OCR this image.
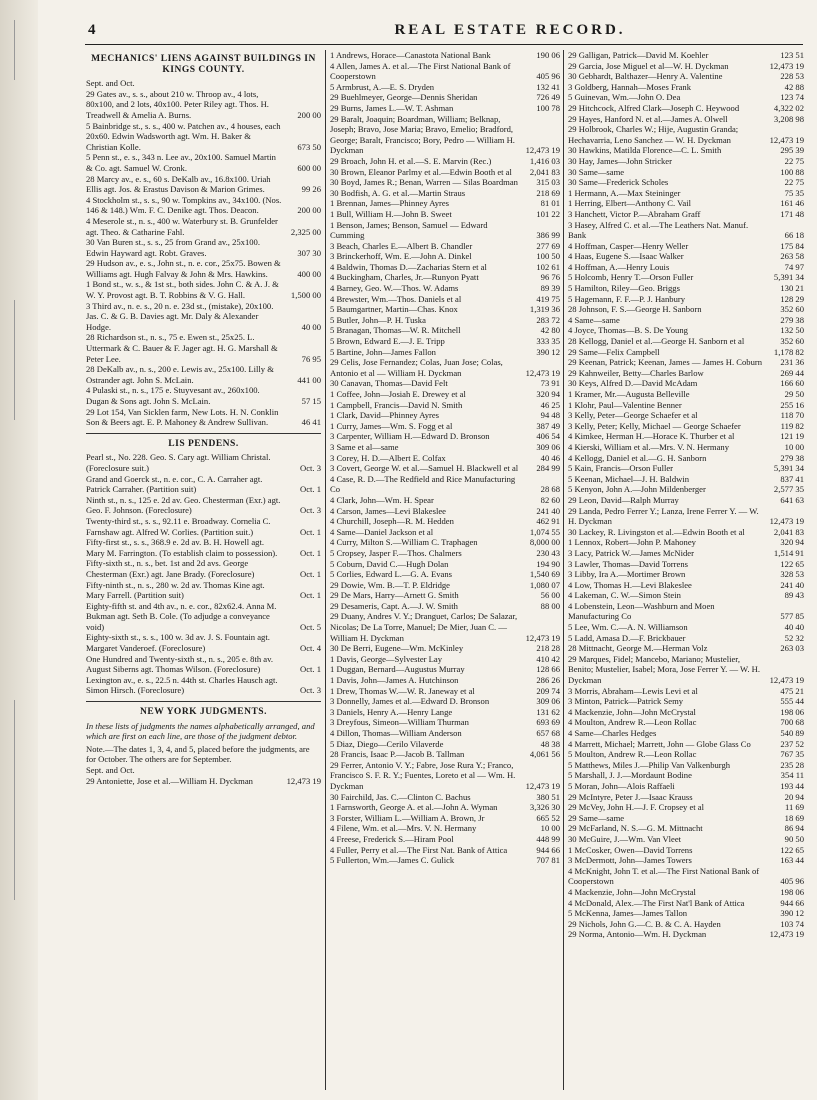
4	REAL ESTATE RECORD.
MECHANICS' LIENS AGAINST BUILDINGS IN KINGS COUNTY.
Sept. and Oct.
29 Gates av., s. s., about 210 w. Throop av., 4 lots, 80x100, and 2 lots, 40x100. Peter Riley agt. Thos. H. Treadwell & Amelia A. Burns.	200 00
5 Bainbridge st., s. s., 400 w. Patchen av., 4 houses, each 20x60. Edwin Wadsworth agt. Wm. H. Baker & Christian Kolle.	673 50
5 Penn st., e. s., 343 n. Lee av., 20x100. Samuel Martin & Co. agt. Samuel W. Cronk.	600 00
28 Marcy av., e. s., 60 s. DeKalb av., 16.8x100. Uriah Ellis agt. Jos. & Erastus Davison & Marion Grimes.	99 26
4 Stockholm st., s. s., 90 w. Tompkins av., 34x100. (Nos. 146 & 148.) Wm. F. C. Denike agt. Thos. Deacon.	200 00
4 Meserole st., n. s., 400 w. Waterbury st. B. Grunfelder agt. Theo. & Catharine Fahl.	2,325 00
30 Van Buren st., s. s., 25 from Grand av., 25x100. Edwin Hayward agt. Robt. Graves.	307 30
29 Hudson av., e. s., John st., n. e. cor., 25x75. Bowen & Williams agt. Hugh Falvay & John & Mrs. Hawkins.	400 00
1 Bond st., w. s., & 1st st., both sides. John C. & A. J. & W. Y. Provost agt. B. T. Robbins & V. G. Hall.	1,500 00
3 Third av., n. e. s., 20 n. e. 23d st., (mistake), 20x100. Jas. C. & G. B. Davies agt. Mr. Daly & Alexander Hodge.	40 00
28 Richardson st., n. s., 75 e. Ewen st., 25x25. L. Uttermark & C. Bauer & F. Jager agt. H. G. Marshall & Peter Lee.	76 95
28 DeKalb av., n. s., 200 e. Lewis av., 25x100. Lilly & Ostrander agt. John S. McLain.	441 00
4 Pulaski st., n. s., 175 e. Stuyvesant av., 260x100. Dugan & Sons agt. John S. McLain.	57 15
29 Lot 154, Van Sicklen farm, New Lots. H. N. Conklin Son & Beers agt. E. P. Mahoney & Andrew Sullivan.	46 41
LIS PENDENS.
Pearl st., No. 228. Geo. S. Cary agt. William Christal. (Foreclosure suit.)	Oct. 3
Grand and Goerck st., n. e. cor., C. A. Carraher agt. Patrick Carraher. (Partition suit)	Oct. 1
Ninth st., n. s., 125 e. 2d av. Geo. Chesterman (Exr.) agt. Geo. F. Johnson. (Foreclosure)	Oct. 3
Twenty-third st., s. s., 92.11 e. Broadway. Cornelia C. Farnshaw agt. Alfred W. Corlies. (Partition suit.)	Oct. 1
Fifty-first st., s. s., 368.9 e. 2d av. B. H. Howell agt. Mary M. Farrington. (To establish claim to possession).	Oct. 1
Fifty-sixth st., n. s., bet. 1st and 2d avs. George Chesterman (Exr.) agt. Jane Brady. (Foreclosure)	Oct. 1
Fifty-ninth st., n. s., 280 w. 2d av. Thomas Kine agt. Mary Farrell. (Partition suit)	Oct. 1
Eighty-fifth st. and 4th av., n. e. cor., 82x62.4. Anna M. Bukman agt. Seth B. Cole. (To adjudge a conveyance void)	Oct. 5
Eighty-sixth st., s. s., 100 w. 3d av. J. S. Fountain agt. Margaret Vanderoef. (Foreclosure)	Oct. 4
One Hundred and Twenty-sixth st., n. s., 205 e. 8th av. August Siberns agt. Thomas Wilson. (Foreclosure)	Oct. 1
Lexington av., e. s., 22.5 n. 44th st. Charles Hausch agt. Simon Hirsch. (Foreclosure)	Oct. 3
NEW YORK JUDGMENTS.
In these lists of judgments the names alphabetically arranged, and which are first on each line, are those of the judgment debtor.
Note.—The dates 1, 3, 4, and 5, placed before the judgments, are for October. The others are for September.
Sept. and Oct.
29 Antoniette, Jose et al.—William H. Dyckman	12,473 19
1 Andrews, Horace—Canastota National Bank	190 06
4 Allen, James A. et al.—The First National Bank of Cooperstown	405 96
5 Armbrust, A.—E. S. Dryden	132 41
29 Buehlmeyer, George—Dennis Sheridan	726 49
29 Burns, James L.—W. T. Ashman	100 78
29 Baralt, Joaquin; Boardman, William; Belknap, Joseph; Bravo, Jose Maria; Bravo, Emelio; Bradford, George; Baralt, Francisco; Bory, Pedro — William H. Dyckman	12,473 19
29 Broach, John H. et al.—S. E. Marvin (Rec.)	1,416 03
30 Brown, Eleanor Parlmy et al.—Edwin Booth et al	2,041 83
30 Boyd, James R.; Benan, Warren — Silas Boardman	315 03
30 Bodfish, A. G. et al.—Martin Straus	218 69
1 Brennan, James—Phinney Ayres	81 01
1 Bull, William H.—John B. Sweet	101 22
1 Benson, James; Benson, Samuel — Edward Cumming	386 99
3 Beach, Charles E.—Albert B. Chandler	277 69
3 Brinckerhoff, Wm. E.—John A. Dinkel	100 50
4 Baldwin, Thomas D.—Zacharias Stern et al	102 61
4 Buckingham, Charles, Jr.—Runyon Pyatt	96 76
4 Barney, Geo. W.—Thos. W. Adams	89 39
4 Brewster, Wm.—Thos. Daniels et al	419 75
5 Baumgartner, Martin—Chas. Knox	1,319 36
5 Butler, John—P. H. Tuska	283 72
5 Branagan, Thomas—W. R. Mitchell	42 80
5 Brown, Edward E.—J. E. Tripp	333 35
5 Bartine, John—James Fallon	390 12
29 Celis, Jose Fernandez; Colas, Juan Jose; Colas, Antonio et al — William H. Dyckman	12,473 19
30 Canavan, Thomas—David Felt	73 91
1 Coffee, John—Josiah E. Drewey et al	320 94
1 Campbell, Francis—David N. Smith	46 25
1 Clark, David—Phinney Ayres	94 48
1 Curry, James—Wm. S. Fogg et al	387 49
3 Carpenter, William H.—Edward D. Bronson	406 54
3 Same et al—same	309 06
3 Corey, H. D.—Albert E. Colfax	40 46
3 Covert, George W. et al.—Samuel H. Blackwell et al	284 99
4 Case, R. D.—The Redfield and Rice Manufacturing Co	28 68
4 Clark, John—Wm. H. Spear	82 60
4 Carson, James—Levi Blakeslee	241 40
4 Churchill, Joseph—R. M. Hedden	462 91
4 Same—Daniel Jackson et al	1,074 55
4 Curry, Milton S.—William C. Traphagen	8,000 00
5 Cropsey, Jasper F.—Thos. Chalmers	230 43
5 Coburn, David C.—Hugh Dolan	194 90
5 Corlies, Edward L.—G. A. Evans	1,540 69
29 Dowie, Wm. B.—T. P. Eldridge	1,080 07
29 De Mars, Harry—Arnett G. Smith	56 00
29 Desameris, Capt. A.—J. W. Smith	88 00
29 Duany, Andres V. Y.; Dranguet, Carlos; De Salazar, Nicolas; De La Torre, Manuel; De Mier, Juan C. — William H. Dyckman	12,473 19
30 De Berri, Eugene—Wm. McKinley	218 28
1 Davis, George—Sylvester Lay	410 42
1 Duggan, Bernard—Augustus Murray	128 66
1 Davis, John—James A. Hutchinson	286 26
1 Drew, Thomas W.—W. R. Janeway et al	209 74
3 Donnelly, James et al.—Edward D. Bronson	309 06
3 Daniels, Henry A.—Henry Lange	131 62
3 Dreyfous, Simeon—William Thurman	693 69
4 Dillon, Thomas—William Anderson	657 68
5 Diaz, Diego—Cerilo Vilaverde	48 38
28 Francis, Isaac P.—Jacob B. Tallman	4,061 56
29 Ferrer, Antonio V. Y.; Fabre, Jose Rura Y.; Franco, Francisco S. F. R. Y.; Fuentes, Loreto et al — Wm. H. Dyckman	12,473 19
30 Fairchild, Jas. C.—Clinton C. Bachus	380 51
1 Farnsworth, George A. et al.—John A. Wyman	3,326 30
3 Forster, William L.—William A. Brown, Jr	665 52
4 Filene, Wm. et al.—Mrs. V. N. Hermany	10 00
4 Freese, Frederick S.—Hiram Pool	448 99
4 Fuller, Perry et al.—The First Nat. Bank of Attica	944 66
5 Fullerton, Wm.—James C. Gulick	707 81
29 Galligan, Patrick—David M. Koehler	123 51
29 Garcia, Jose Miguel et al—W. H. Dyckman	12,473 19
30 Gebhardt, Balthazer—Henry A. Valentine	228 53
3 Goldberg, Hannah—Moses Frank	42 88
5 Guinevan, Wm.—John O. Dea	123 74
29 Hitchcock, Alfred Clark—Joseph C. Heywood	4,322 02
29 Hayes, Hanford N. et al.—James A. Olwell	3,208 98
29 Holbrook, Charles W.; Hije, Augustin Granda; Hechavarria, Leno Sanchez — W. H. Dyckman	12,473 19
30 Hawkins, Matilda Florence—C. L. Smith	295 39
30 Hay, James—John Stricker	22 75
30 Same—same	100 88
30 Same—Frederick Scholes	22 75
1 Hermann, A.—Max Steininger	75 35
1 Herring, Elbert—Anthony C. Vail	161 46
3 Hanchett, Victor P.—Abraham Graff	171 48
3 Hasey, Alfred C. et al.—The Leathers Nat. Manuf. Bank	66 18
4 Hoffman, Casper—Henry Weller	175 84
4 Haas, Eugene S.—Isaac Walker	263 58
4 Hoffman, A.—Henry Louis	74 97
5 Holcomb, Henry T.—Orson Fuller	5,391 34
5 Hamilton, Riley—Geo. Briggs	130 21
5 Hagemann, F. F.—P. J. Hanbury	128 29
28 Johnson, F. S.—George H. Sanborn	352 60
4 Same—same	279 38
4 Joyce, Thomas—B. S. De Young	132 50
28 Kellogg, Daniel et al.—George H. Sanborn et al	352 60
29 Same—Felix Campbell	1,178 82
29 Keenan, Patrick; Keenan, James — James H. Coburn	231 36
29 Kahnweiler, Betty—Charles Barlow	269 44
30 Keys, Alfred D.—David McAdam	166 60
1 Kramer, Mr.—Augusta Belleville	29 50
1 Klohr, Paul—Valentine Benner	255 16
3 Kelly, Peter—George Schaefer et al	118 70
3 Kelly, Peter; Kelly, Michael — George Schaefer	119 82
4 Kimkee, Herman H.—Horace K. Thurber et al	121 19
4 Kierski, William et al.—Mrs. V. N. Hermany	10 00
4 Kellogg, Daniel et al.—G. H. Sanborn	279 38
5 Kain, Francis—Orson Fuller	5,391 34
5 Keenan, Michael—J. H. Baldwin	837 41
5 Kenyon, John A.—John Mildenberger	2,577 35
29 Leon, David—Ralph Murray	641 63
29 Landa, Pedro Ferrer Y.; Lanza, Irene Ferrer Y. — W. H. Dyckman	12,473 19
30 Lackey, R. Livingston et al.—Edwin Booth et al	2,041 83
1 Lennox, Robert—John P. Mahoney	320 94
3 Lacy, Patrick W.—James McNider	1,514 91
3 Lawler, Thomas—David Torrens	122 65
3 Libby, Ira A.—Mortimer Brown	328 53
4 Low, Thomas H.—Levi Blakeslee	241 40
4 Lakeman, C. W.—Simon Stein	89 43
4 Lobenstein, Leon—Washburn and Moen Manufacturing Co	577 85
5 Lee, Wm. C.—A. N. Williamson	40 40
5 Ladd, Amasa D.—F. Brickbauer	52 32
28 Mittnacht, George M.—Herman Volz	263 03
29 Marques, Fidel; Mancebo, Mariano; Mustelier, Benito; Mustelier, Isabel; Mora, Jose Ferrer Y. — W. H. Dyckman	12,473 19
3 Morris, Abraham—Lewis Levi et al	475 21
3 Minton, Patrick—Patrick Semy	555 44
4 Mackenzie, John—John McCrystal	198 06
4 Moulton, Andrew R.—Leon Rollac	700 68
4 Same—Charles Hedges	540 89
4 Marrett, Michael; Marrett, John — Globe Glass Co	237 52
5 Moulton, Andrew R.—Leon Rollac	767 35
5 Matthews, Miles J.—Philip Van Valkenburgh	235 28
5 Marshall, J. J.—Mordaunt Bodine	354 11
5 Moran, John—Alois Raffaeli	193 44
29 McIntyre, Peter J.—Isaac Krauss	20 94
29 McVey, John H.—J. F. Cropsey et al	11 69
29 Same—same	18 69
29 McFarland, N. S.—G. M. Mittnacht	86 94
30 McGuire, J.—Wm. Van Vleet	90 50
1 McCosker, Owen—David Torrens	122 65
3 McDermott, John—James Towers	163 44
4 McKnight, John T. et al.—The First National Bank of Cooperstown	405 96
4 Mackenzie, John—John McCrystal	198 06
4 McDonald, Alex.—The First Nat'l Bank of Attica	944 66
5 McKenna, James—James Tallon	390 12
29 Nichols, John G.—C. B. & C. A. Hayden	103 74
29 Norma, Antonio—Wm. H. Dyckman	12,473 19
